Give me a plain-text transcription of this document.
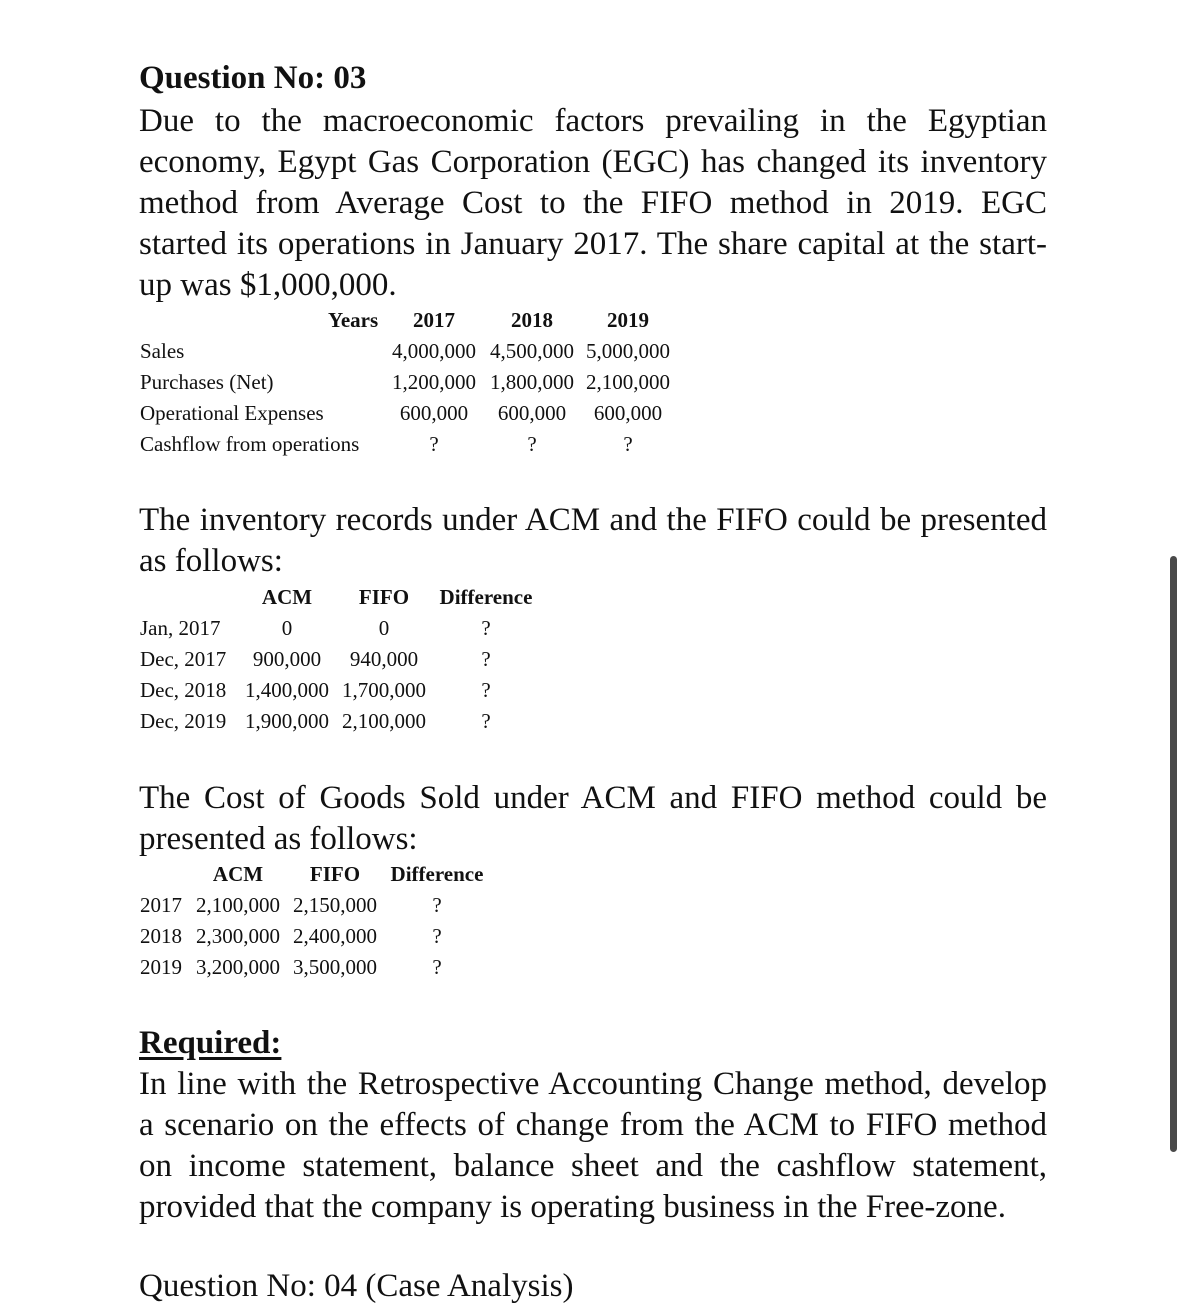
Question No: 03
Due to the macroeconomic factors prevailing in the Egyptian economy, Egypt Gas Corporation (EGC) has changed its inventory method from Average Cost to the FIFO method in 2019. EGC started its operations in January 2017. The share capital at the start-up was $1,000,000.
Years 2017	2018	2019
Sales	4,000,000 4,500,000 5,000,000
Purchases (Net)	1,200,000 1,800,000 2,100,000
Operational Expenses	600,000 600,000 600,000
Cashflow from operations	?	?	?
The inventory records under ACM and the FIFO could be presented as follows:
ACM FIFO Difference
Jan, 2017	0	0	?
Dec, 2017 900,000 940,000	?
Dec, 2018 1,400,000 1,700,000	?
Dec, 2019 1,900,000 2,100,000	?
The Cost of Goods Sold under ACM and FIFO method could be presented as follows:
ACM FIFO Difference
2017 2,100,000 2,150,000	?
2018 2,300,000 2,400,000	?
2019 3,200,000 3,500,000	?
Required:
In line with the Retrospective Accounting Change method, develop a scenario on the effects of change from the ACM to FIFO method on income statement, balance sheet and the cashflow statement, provided that the company is operating business in the Free-zone.
Question No: 04 (Case Analysis)
